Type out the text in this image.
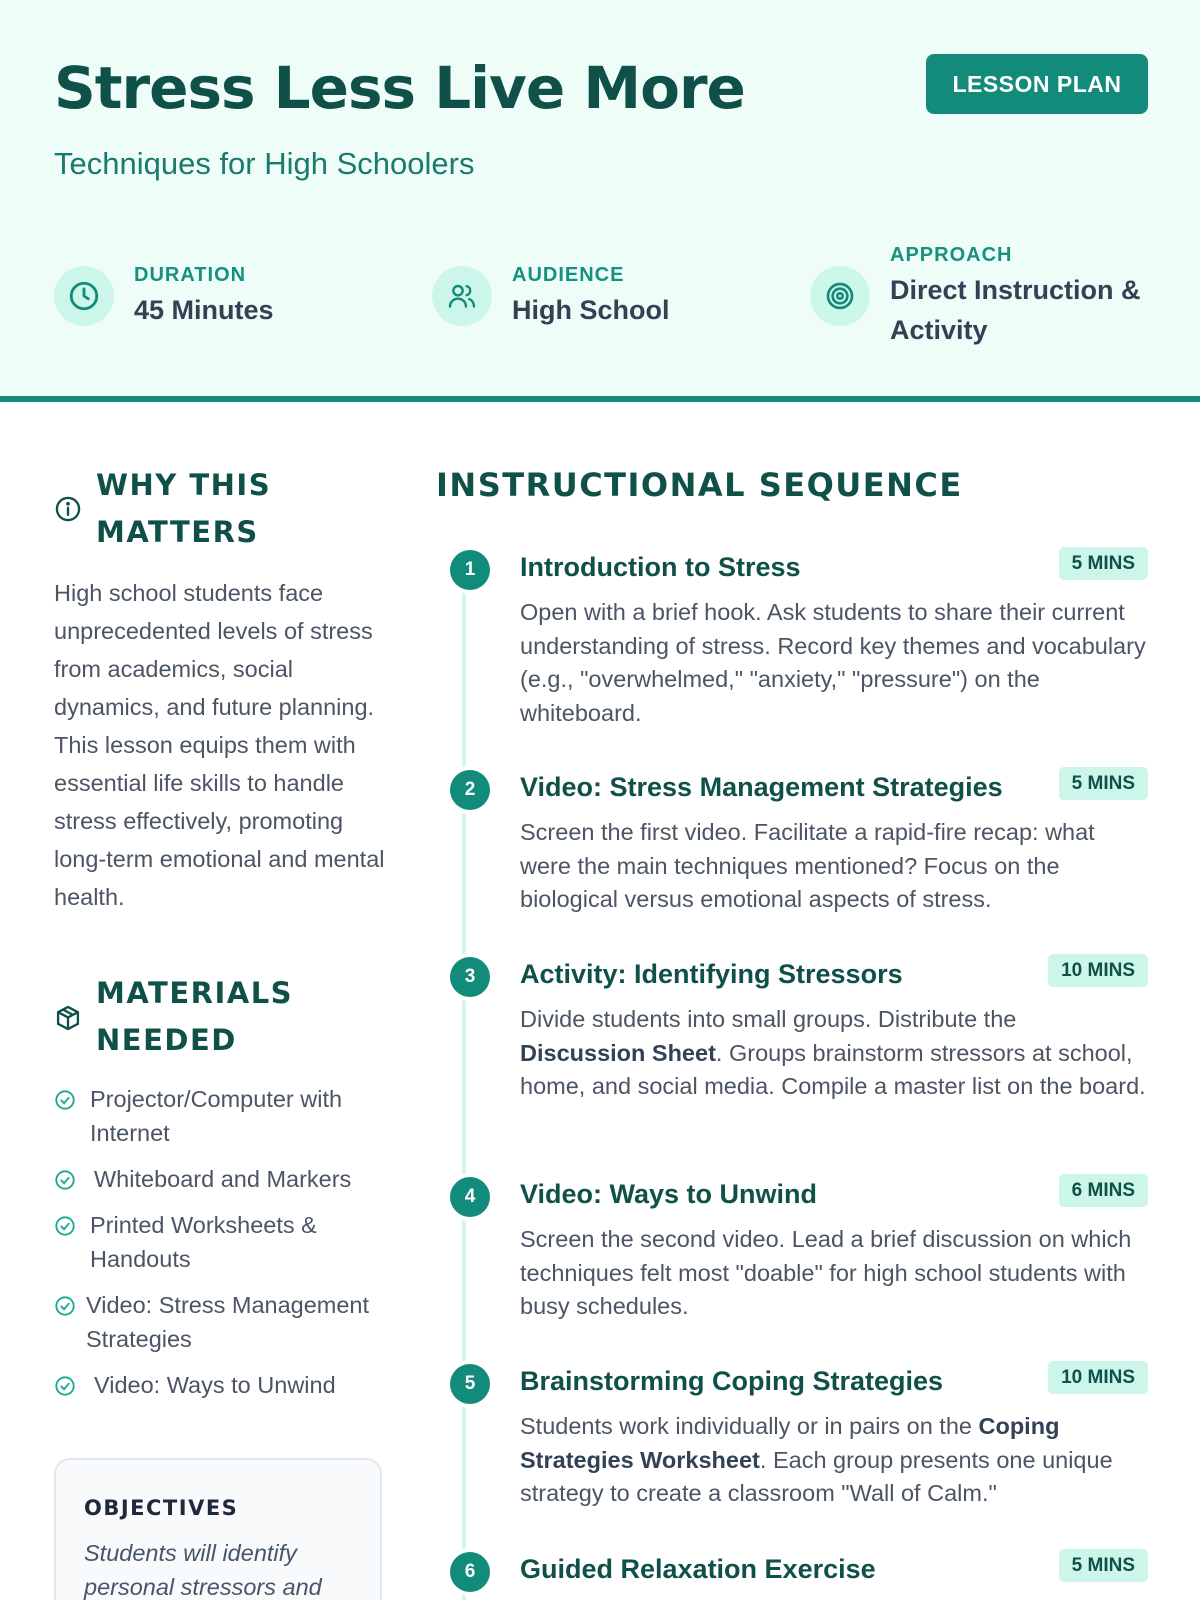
Stress Less Live More
Techniques for High Schoolers
LESSON PLAN
DURATION
45 Minutes
AUDIENCE
High School
APPROACH
Direct Instruction & Activity
WHY THIS MATTERS
High school students face unprecedented levels of stress from academics, social dynamics, and future planning. This lesson equips them with essential life skills to handle stress effectively, promoting long-term emotional and mental health.
MATERIALS NEEDED
Projector/Computer with Internet
Whiteboard and Markers
Printed Worksheets & Handouts
Video: Stress Management Strategies
Video: Ways to Unwind
OBJECTIVES
Students will identify personal stressors and
INSTRUCTIONAL SEQUENCE
1	Introduction to Stress	5 MINS
Open with a brief hook. Ask students to share their current understanding of stress. Record key themes and vocabulary (e.g., "overwhelmed," "anxiety," "pressure") on the whiteboard.
2	Video: Stress Management Strategies	5 MINS
Screen the first video. Facilitate a rapid-fire recap: what were the main techniques mentioned? Focus on the biological versus emotional aspects of stress.
3	Activity: Identifying Stressors	10 MINS
Divide students into small groups. Distribute the Discussion Sheet. Groups brainstorm stressors at school, home, and social media. Compile a master list on the board.
4	Video: Ways to Unwind	6 MINS
Screen the second video. Lead a brief discussion on which techniques felt most "doable" for high school students with busy schedules.
5	Brainstorming Coping Strategies	10 MINS
Students work individually or in pairs on the Coping Strategies Worksheet. Each group presents one unique strategy to create a classroom "Wall of Calm."
6	Guided Relaxation Exercise	5 MINS
